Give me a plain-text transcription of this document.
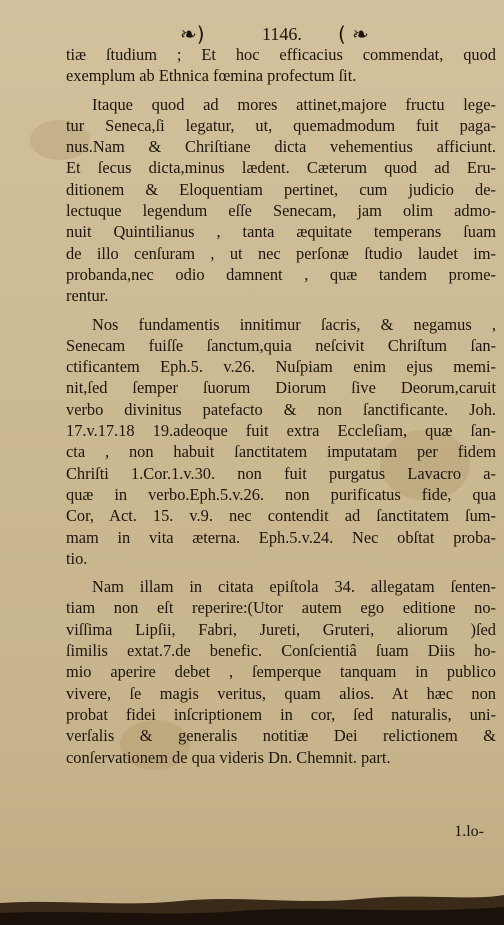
❧)	1146. ( ❧
tiæ ſtudium ; Et hoc efficacius commendat, quod
exemplum ab Ethnica fœmina profectum ſit.
Itaque quod ad mores attinet,majore fructu lege-
tur Seneca,ſi legatur, ut, quemadmodum fuit paga-
nus.Nam & Chriſtiane dicta vehementius afficiunt.
Et ſecus dicta,minus lædent. Cæterum quod ad Eru-
ditionem & Eloquentiam pertinet, cum judicio de-
lectuque legendum eſſe Senecam, jam olim admo-
nuit Quintilianus , tanta æquitate temperans ſuam
de illo cenſuram , ut nec perſonæ ſtudio laudet im-
probanda,nec odio damnent , quæ tandem prome-
rentur.
Nos fundamentis innitimur ſacris, & negamus ,
Senecam fuiſſe ſanctum,quia neſcivit Chriſtum ſan-
ctificantem Eph.5. v.26. Nuſpiam enim ejus memi-
nit,ſed ſemper ſuorum Diorum ſive Deorum,caruit
verbo divinitus patefacto & non ſanctificante. Joh.
17.v.17.18 19.adeoque fuit extra Eccleſiam, quæ ſan-
cta , non habuit ſanctitatem imputatam per fidem
Chriſti 1.Cor.1.v.30. non fuit purgatus Lavacro a-
quæ in verbo.Eph.5.v.26. non purificatus fide, qua
Cor, Act. 15. v.9. nec contendit ad ſanctitatem ſum-
mam in vita æterna. Eph.5.v.24. Nec obſtat proba-
tio.
Nam illam in citata epiſtola 34. allegatam ſenten-
tiam non eſt reperire:(Utor autem ego editione no-
viſſima Lipſii, Fabri, Jureti, Gruteri, aliorum )ſed
ſimilis extat.7.de benefic. Conſcientiâ ſuam Diis ho-
mio aperire debet , ſemperque tanquam in publico
vivere, ſe magis veritus, quam alios. At hæc non
probat fidei inſcriptionem in cor, ſed naturalis, uni-
verſalis & generalis notitiæ Dei relictionem &
conſervationem de qua videris Dn. Chemnit. part.
1.lo-
